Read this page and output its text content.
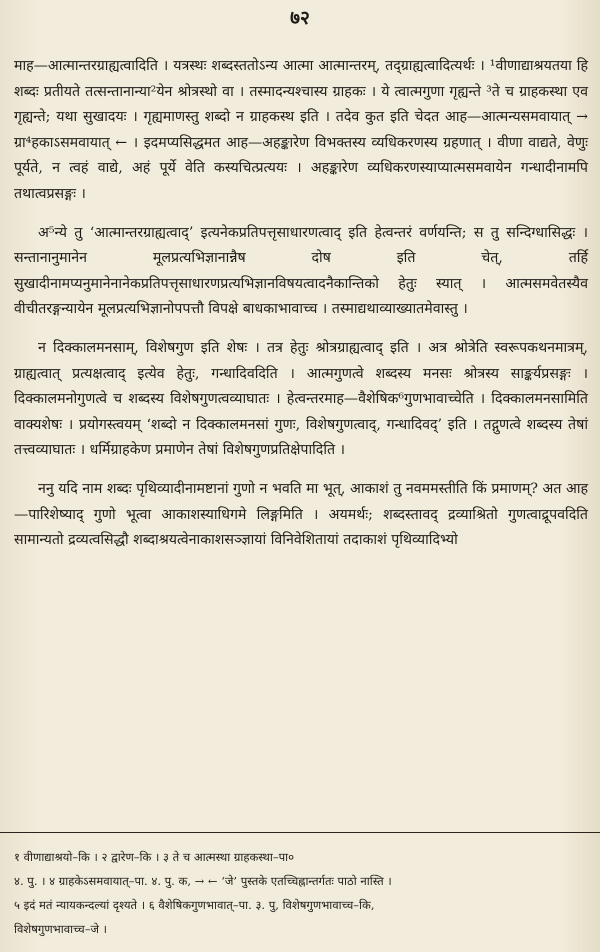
७२

माह—आत्मान्तरग्राह्यत्वादिति । यत्रस्थः शब्दस्ततोऽन्य आत्मा आत्मान्तरम्, तद्ग्राह्यत्वादित्यर्थः । ¹वीणाद्याश्रयतया हि शब्दः प्रतीयते तत्सन्तानान्या²येन श्रोत्रस्थो वा । तस्मादन्यश्चास्य ग्राहकः । ये त्वात्मगुणा गृह्यन्ते ³ते च ग्राहकस्था एव गृह्यन्ते; यथा सुखादयः । गृह्यमाणस्तु शब्दो न ग्राहकस्थ इति । तदेव कुत इति चेदत आह—आत्मन्यसमवायात् → ग्रा⁴हकाऽसमवायात् ← । इदमप्यसिद्धमत आह—अहङ्कारेण विभक्तस्य व्यधिकरणस्य ग्रहणात् । वीणा वाद्यते, वेणुः पूर्यते, न त्वहं वाद्ये, अहं पूर्ये वेति कस्यचित्प्रत्ययः । अहङ्कारेण व्यधिकरणस्याप्यात्मसमवायेन गन्धादीनामपि तथात्वप्रसङ्गः ।

अ⁵न्ये तु ‘आत्मान्तरग्राह्यत्वाद्’ इत्यनेकप्रतिपत्तृसाधारणत्वाद् इति हेत्वन्तरं वर्णयन्ति; स तु सन्दिग्धासिद्धः । सन्तानानुमानेन मूलप्रत्यभिज्ञानान्नैष दोष इति चेत्, तर्हि सुखादीनामप्यनुमानेनानेकप्रतिपत्तृसाधारणप्रत्यभिज्ञानविषयत्वादनैकान्तिको हेतुः स्यात् । आत्मसमवेतस्यैव वीचीतरङ्गन्यायेन मूलप्रत्यभिज्ञानोपपत्तौ विपक्षे बाधकाभावाच्च । तस्माद्यथाव्याख्यातमेवास्तु ।

न दिक्कालमनसाम्, विशेषगुण इति शेषः । तत्र हेतुः श्रोत्रग्राह्यत्वाद् इति । अत्र श्रोत्रेति स्वरूपकथनमात्रम्, ग्राह्यत्वात् प्रत्यक्षत्वाद् इत्येव हेतुः, गन्धादिवदिति । आत्मगुणत्वे शब्दस्य मनसः श्रोत्रस्य साङ्कर्यप्रसङ्गः । दिक्कालमनोगुणत्वे च शब्दस्य विशेषगुणत्वव्याघातः । हेत्वन्तरमाह—वैशेषिक⁶गुणभावाच्चेति । दिक्कालमनसामिति वाक्यशेषः । प्रयोगस्त्वयम् ‘शब्दो न दिक्कालमनसां गुणः, विशेषगुणत्वाद्, गन्धादिवद्’ इति । तद्गुणत्वे शब्दस्य तेषां तत्त्वव्याघातः । धर्मिग्राहकेण प्रमाणेन तेषां विशेषगुणप्रतिक्षेपादिति ।

ननु यदि नाम शब्दः पृथिव्यादीनामष्टानां गुणो न भवति मा भूत्, आकाशं तु नवममस्तीति किं प्रमाणम्? अत आह—पारिशेष्याद् गुणो भूत्वा आकाशस्याधिगमे लिङ्गमिति । अयमर्थः; शब्दस्तावद् द्रव्याश्रितो गुणत्वाद्रूपवदिति सामान्यतो द्रव्यत्वसिद्धौ शब्दाश्रयत्वेनाकाशसञ्ज्ञायां विनिवेशितायां तदाकाशं पृथिव्यादिभ्यो

१ वीणाद्याश्रयो–कि । २ द्वारेण–कि । ३ ते च आत्मस्था ग्राहकस्था–पा०

४. पु. । ४ ग्राहकेऽसमवायात्–पा. ४. पु. क, → ← ‘जे’ पुस्तके एतच्चिह्नान्तर्गतः पाठो नास्ति ।

५ इदं मतं न्यायकन्दल्यां दृश्यते । ६ वैशेषिकगुणभावात्–पा. ३. पु, विशेषगुणभावाच्च–कि,

विशेषगुणभावाच्च–जे ।
